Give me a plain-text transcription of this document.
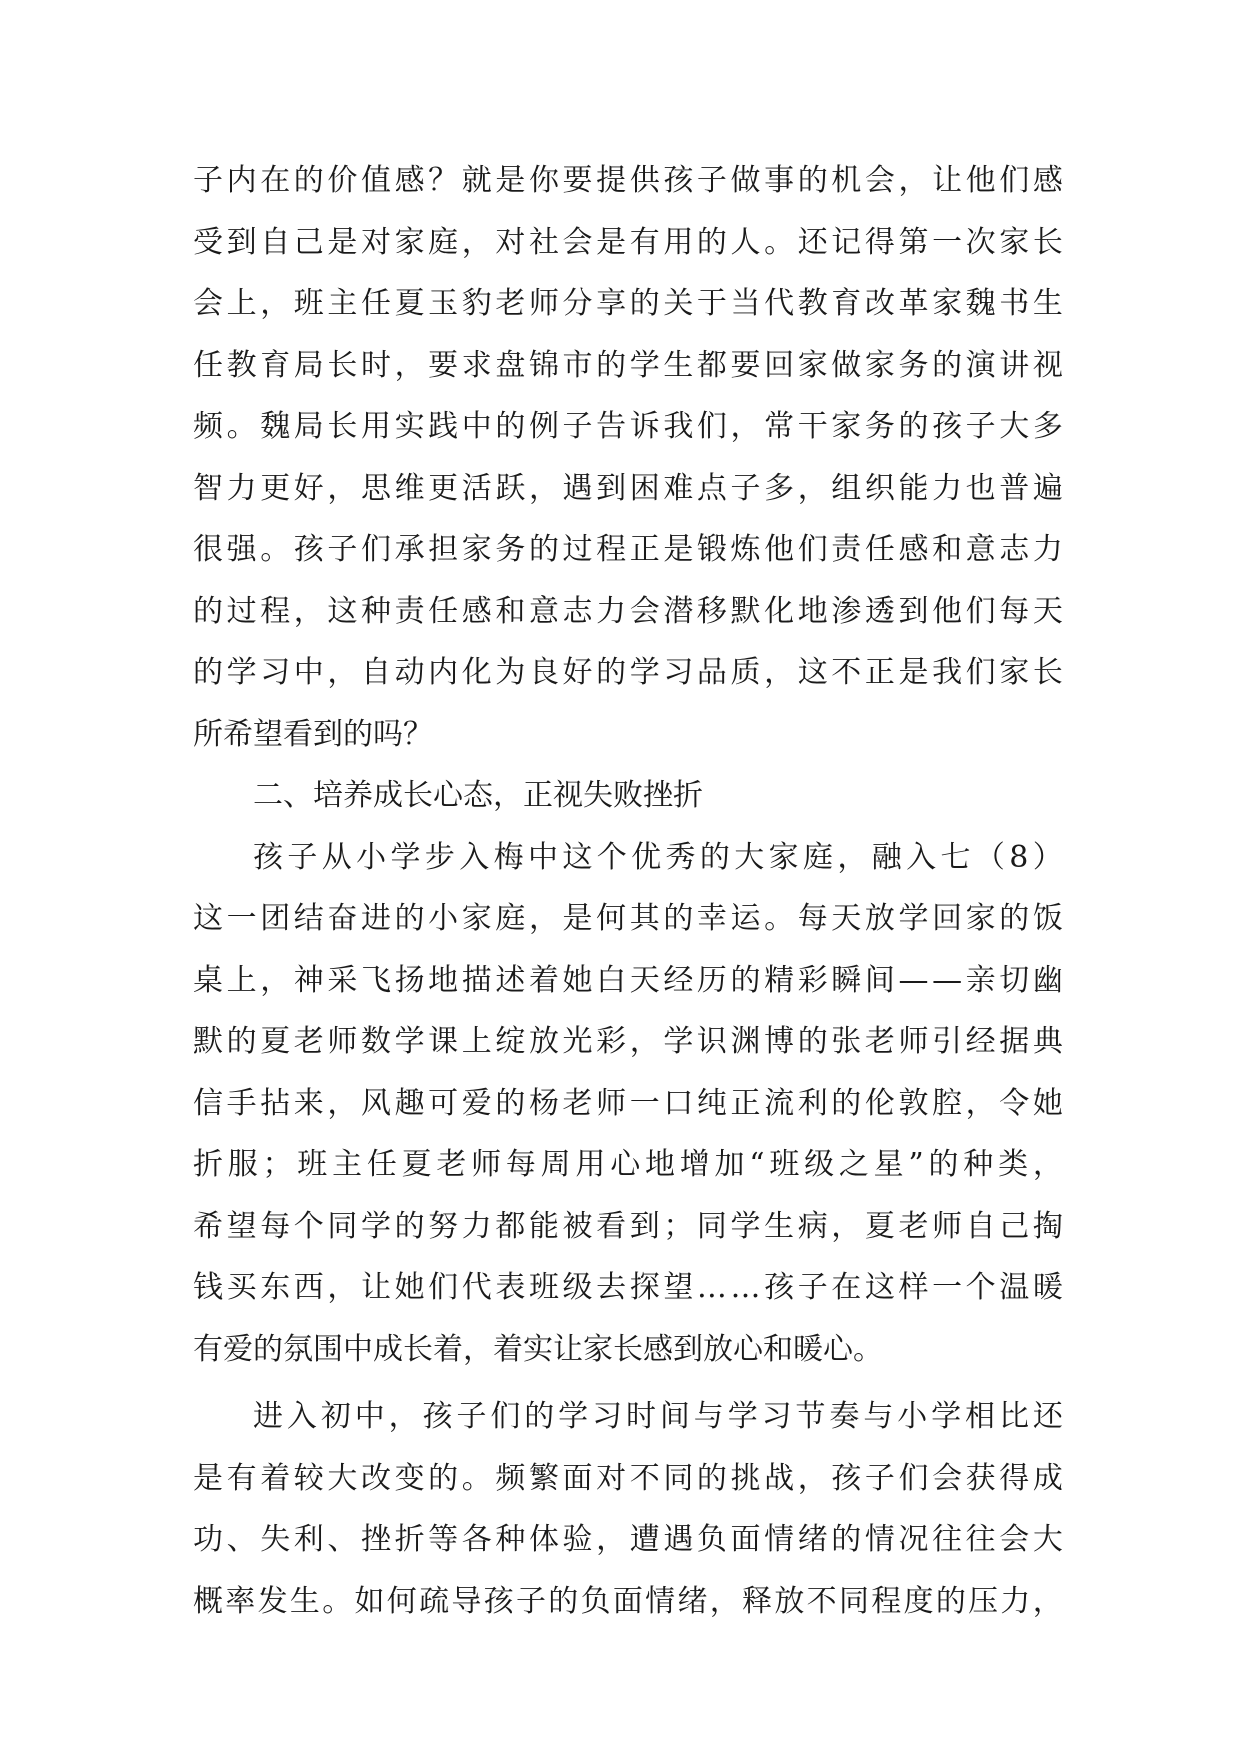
子 内 在 的 价 值 感 ？ 就 是 你 要 提 供 孩 子 做 事 的 机 会 ， 让 他 们 感
受 到 自 己 是 对 家 庭 ， 对 社 会 是 有 用 的 人 。 还 记 得 第 一 次 家 长
会 上 ， 班 主 任 夏 玉 豹 老 师 分 享 的 关 于 当 代 教 育 改 革 家 魏 书 生
任 教 育 局 长 时 ， 要 求 盘 锦 市 的 学 生 都 要 回 家 做 家 务 的 演 讲 视
频 。 魏 局 长 用 实 践 中 的 例 子 告 诉 我 们 ， 常 干 家 务 的 孩 子 大 多
智 力 更 好 ， 思 维 更 活 跃 ， 遇 到 困 难 点 子 多 ， 组 织 能 力 也 普 遍
很 强 。 孩 子 们 承 担 家 务 的 过 程 正 是 锻 炼 他 们 责 任 感 和 意 志 力
的 过 程 ， 这 种 责 任 感 和 意 志 力 会 潜 移 默 化 地 渗 透 到 他 们 每 天
的 学 习 中 ， 自 动 内 化 为 良 好 的 学 习 品 质 ， 这 不 正 是 我 们 家 长
所希望看到的吗？
二、培养成长心态，正视失败挫折
孩 子 从 小 学 步 入 梅 中 这 个 优 秀 的 大 家 庭 ， 融 入 七 （ 8 ）
这 一 团 结 奋 进 的 小 家 庭 ， 是 何 其 的 幸 运 。 每 天 放 学 回 家 的 饭
桌 上 ， 神 采 飞 扬 地 描 述 着 她 白 天 经 历 的 精 彩 瞬 间 — — 亲 切 幽
默 的 夏 老 师 数 学 课 上 绽 放 光 彩 ， 学 识 渊 博 的 张 老 师 引 经 据 典
信 手 拈 来 ， 风 趣 可 爱 的 杨 老 师 一 口 纯 正 流 利 的 伦 敦 腔 ， 令 她
折 服 ； 班 主 任 夏 老 师 每 周 用 心 地 增 加 “ 班 级 之 星 ” 的 种 类 ，
希 望 每 个 同 学 的 努 力 都 能 被 看 到 ； 同 学 生 病 ， 夏 老 师 自 己 掏
钱 买 东 西 ， 让 她 们 代 表 班 级 去 探 望 … … 孩 子 在 这 样 一 个 温 暖
有爱的氛围中成长着，着实让家长感到放心和暖心。
进 入 初 中 ， 孩 子 们 的 学 习 时 间 与 学 习 节 奏 与 小 学 相 比 还
是 有 着 较 大 改 变 的 。 频 繁 面 对 不 同 的 挑 战 ， 孩 子 们 会 获 得 成
功 、 失 利 、 挫 折 等 各 种 体 验 ， 遭 遇 负 面 情 绪 的 情 况 往 往 会 大
概 率 发 生 。 如 何 疏 导 孩 子 的 负 面 情 绪 ， 释 放 不 同 程 度 的 压 力 ，
